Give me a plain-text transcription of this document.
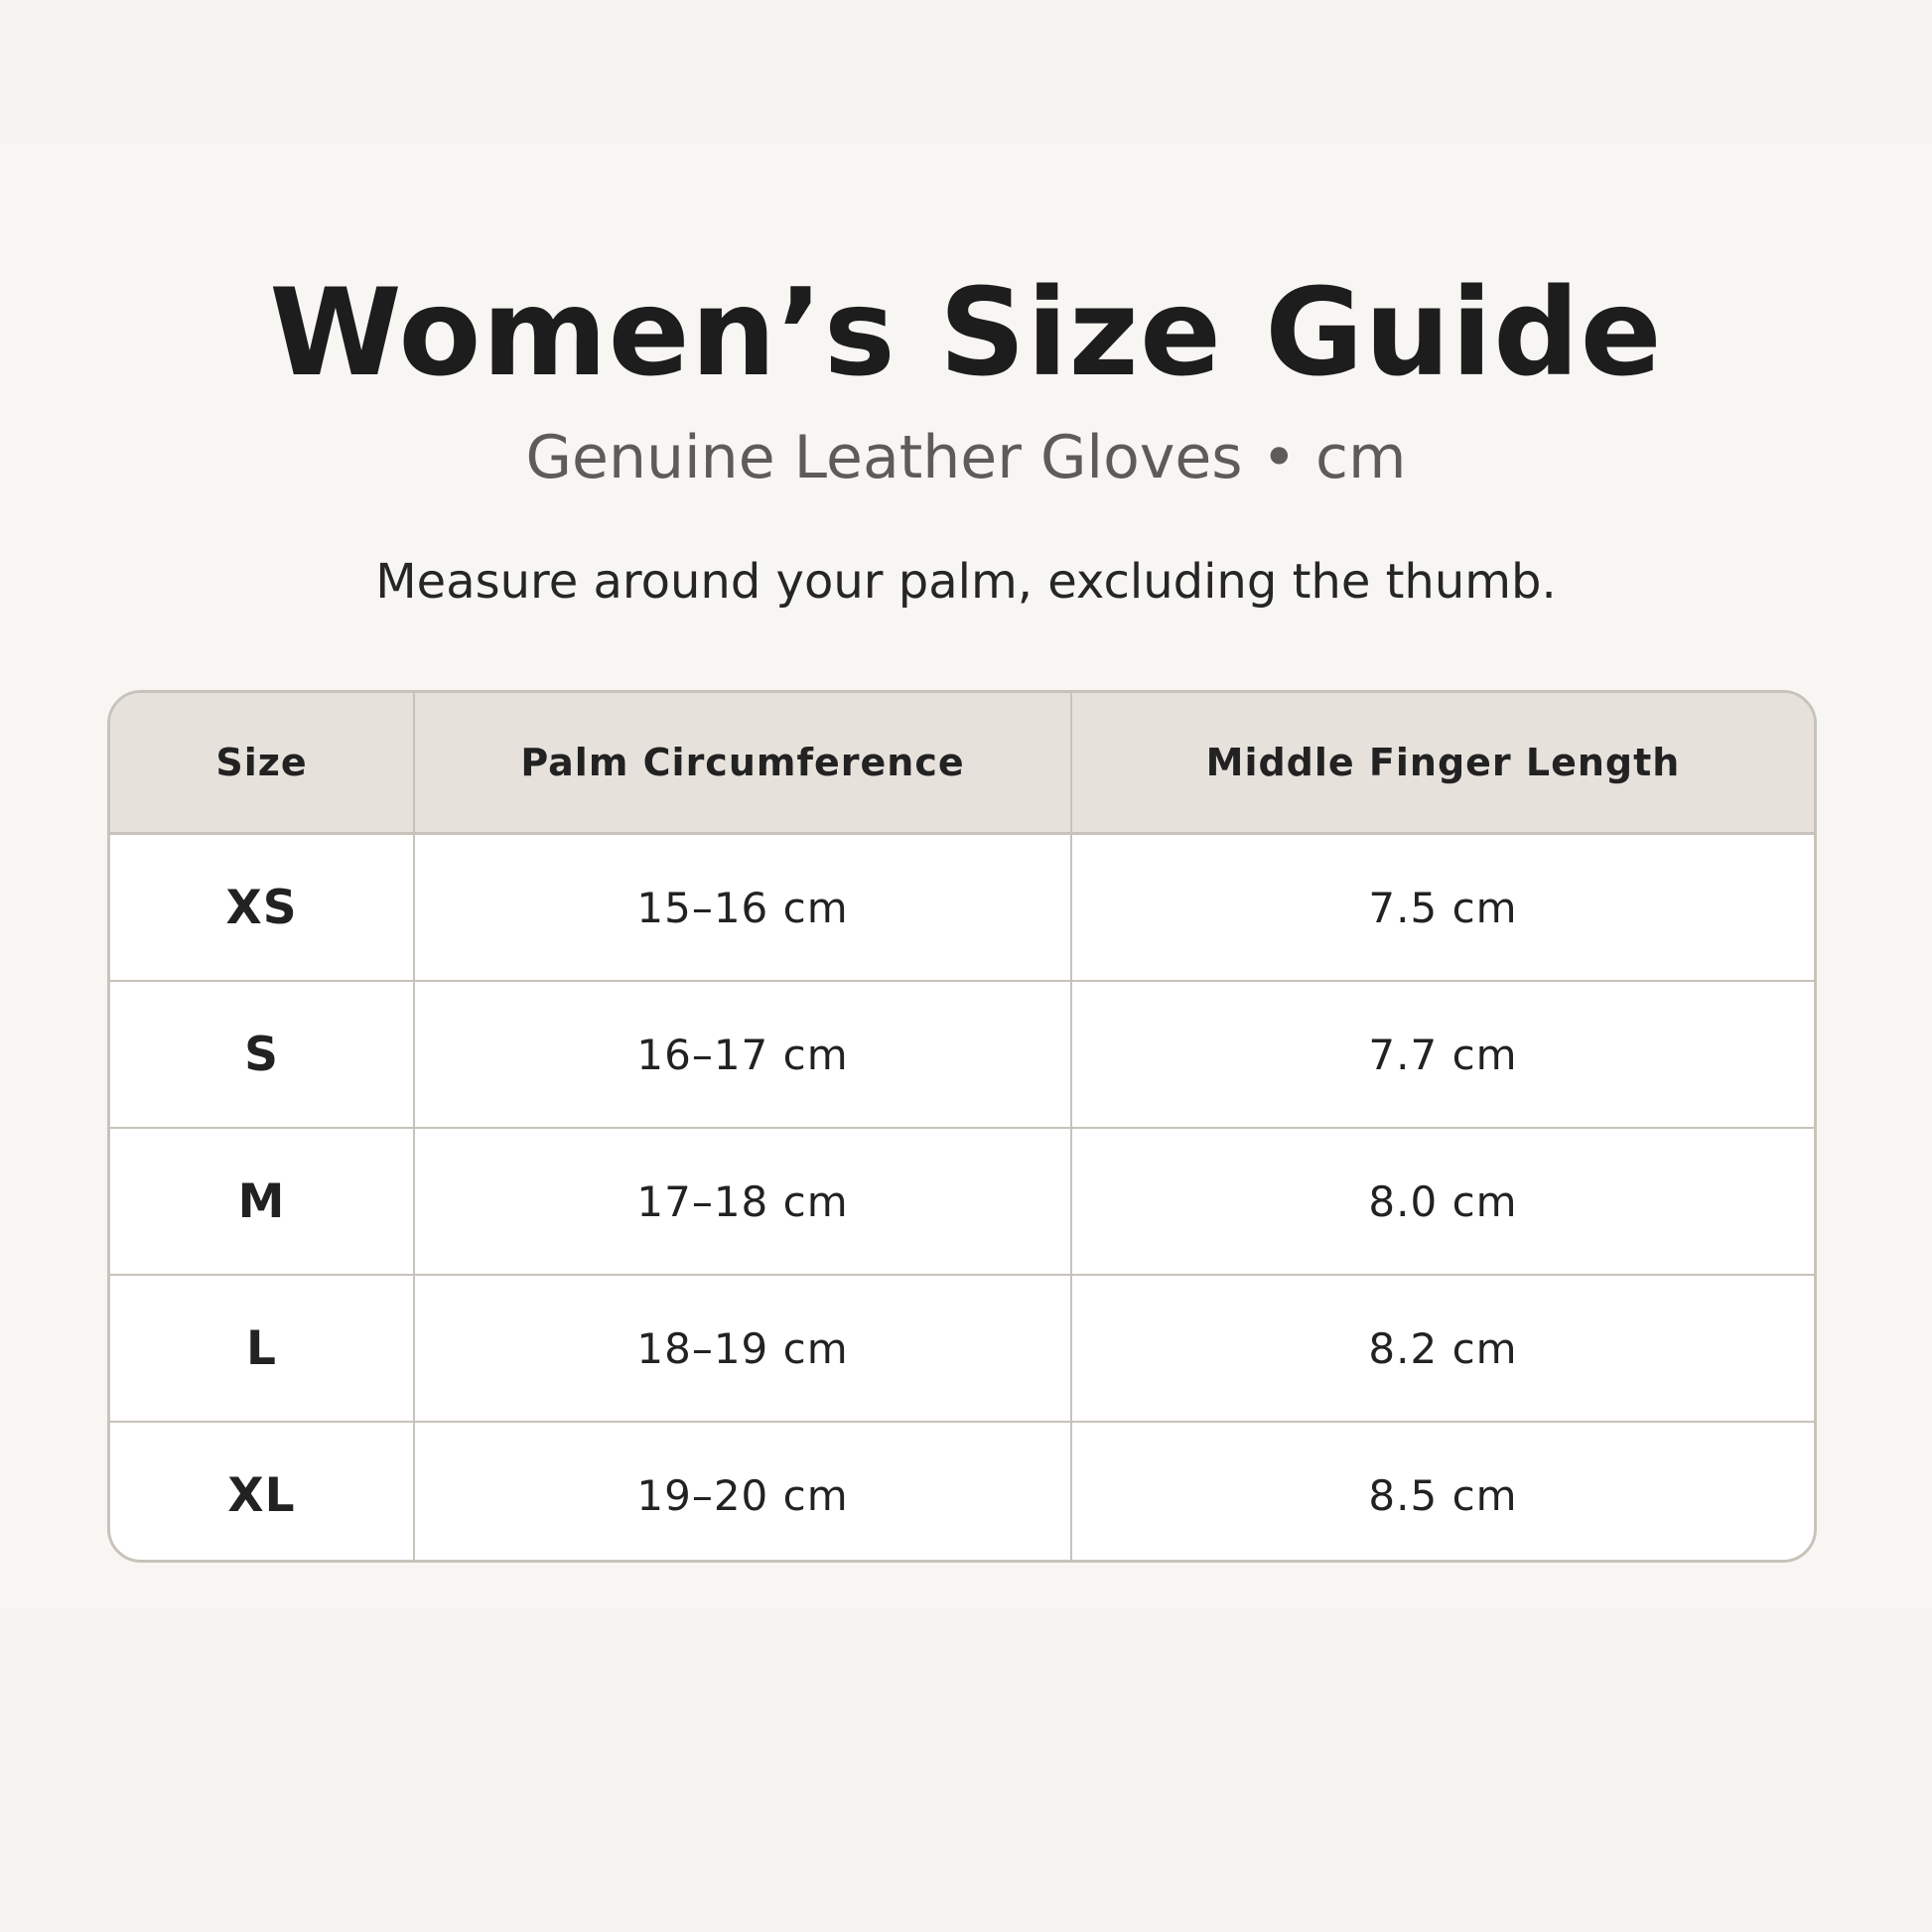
Women’s Size Guide
Genuine Leather Gloves • cm
Measure around your palm, excluding the thumb.
Size	Palm Circumference	Middle Finger Length
XS	15–16 cm	7.5 cm
S	16–17 cm	7.7 cm
M	17–18 cm	8.0 cm
L	18–19 cm	8.2 cm
XL	19–20 cm	8.5 cm
